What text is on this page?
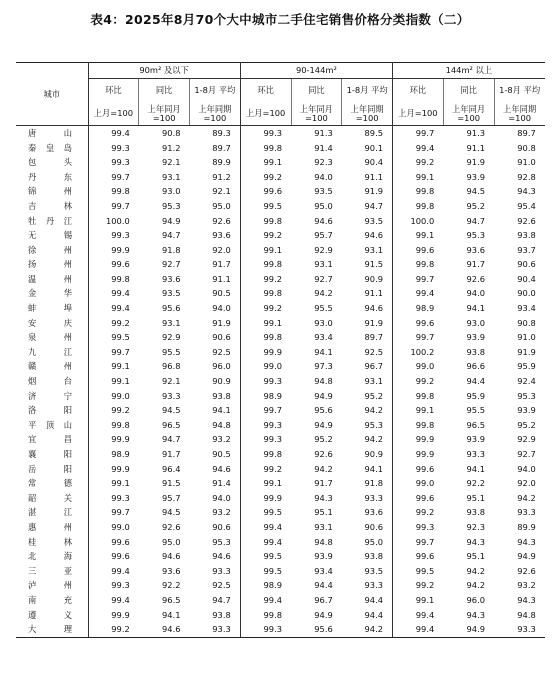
表4：2025年8月70个大中城市二手住宅销售价格分类指数（二）
城市	90m² 及以下			90-144m²			144m² 以上		
	环比	同比	1-8月 平均	环比	同比	1-8月 平均	环比	同比	1-8月 平均
	上月=100	上年同月 =100	上年同期 =100	上月=100	上年同月 =100	上年同期 =100	上月=100	上年同月 =100	上年同期 =100
唐山	99.4	90.8	89.3	99.3	91.3	89.5	99.7	91.3	89.7
秦皇岛	99.3	91.2	89.7	99.8	91.4	90.1	99.4	91.1	90.8
包头	99.3	92.1	89.9	99.1	92.3	90.4	99.2	91.9	91.0
丹东	99.7	93.1	91.2	99.2	94.0	91.1	99.1	93.9	92.8
锦州	99.8	93.0	92.1	99.6	93.5	91.9	99.8	94.5	94.3
吉林	99.7	95.3	95.0	99.5	95.0	94.7	99.8	95.2	95.4
牡丹江	100.0	94.9	92.6	99.8	94.6	93.5	100.0	94.7	92.6
无锡	99.3	94.7	93.6	99.2	95.7	94.6	99.1	95.3	93.8
徐州	99.9	91.8	92.0	99.1	92.9	93.1	99.6	93.6	93.7
扬州	99.6	92.7	91.7	99.8	93.1	91.5	99.8	91.7	90.6
温州	99.8	93.6	91.1	99.2	92.7	90.9	99.7	92.6	90.4
金华	99.4	93.5	90.5	99.8	94.2	91.1	99.4	94.0	90.0
蚌埠	99.4	95.6	94.0	99.2	95.5	94.6	98.9	94.1	93.4
安庆	99.2	93.1	91.9	99.1	93.0	91.9	99.6	93.0	90.8
泉州	99.5	92.9	90.6	99.8	93.4	89.7	99.7	93.9	91.0
九江	99.7	95.5	92.5	99.9	94.1	92.5	100.2	93.8	91.9
赣州	99.1	96.8	96.0	99.0	97.3	96.7	99.0	96.6	95.9
烟台	99.1	92.1	90.9	99.3	94.8	93.1	99.2	94.4	92.4
济宁	99.0	93.3	93.8	98.9	94.9	95.2	99.8	95.9	95.3
洛阳	99.2	94.5	94.1	99.7	95.6	94.2	99.1	95.5	93.9
平顶山	99.8	96.5	94.8	99.3	94.9	95.3	99.8	96.5	95.2
宜昌	99.9	94.7	93.2	99.3	95.2	94.2	99.9	93.9	92.9
襄阳	98.9	91.7	90.5	99.8	92.6	90.9	99.9	93.3	92.7
岳阳	99.9	96.4	94.6	99.2	94.2	94.1	99.6	94.1	94.0
常德	99.1	91.5	91.4	99.1	91.7	91.8	99.0	92.2	92.0
韶关	99.3	95.7	94.0	99.9	94.3	93.3	99.6	95.1	94.2
湛江	99.7	94.5	93.2	99.5	95.1	93.6	99.2	93.8	93.3
惠州	99.0	92.6	90.6	99.4	93.1	90.6	99.3	92.3	89.9
桂林	99.6	95.0	95.3	99.4	94.8	95.0	99.7	94.3	94.3
北海	99.6	94.6	94.6	99.5	93.9	93.8	99.6	95.1	94.9
三亚	99.4	93.6	93.3	99.5	93.4	93.5	99.5	94.2	92.6
泸州	99.3	92.2	92.5	98.9	94.4	93.3	99.2	94.2	93.2
南充	99.4	96.5	94.7	99.4	96.7	94.4	99.1	96.0	94.3
遵义	99.9	94.1	93.8	99.8	94.9	94.4	99.4	94.3	94.8
大理	99.2	94.6	93.3	99.3	95.6	94.2	99.4	94.9	93.3
